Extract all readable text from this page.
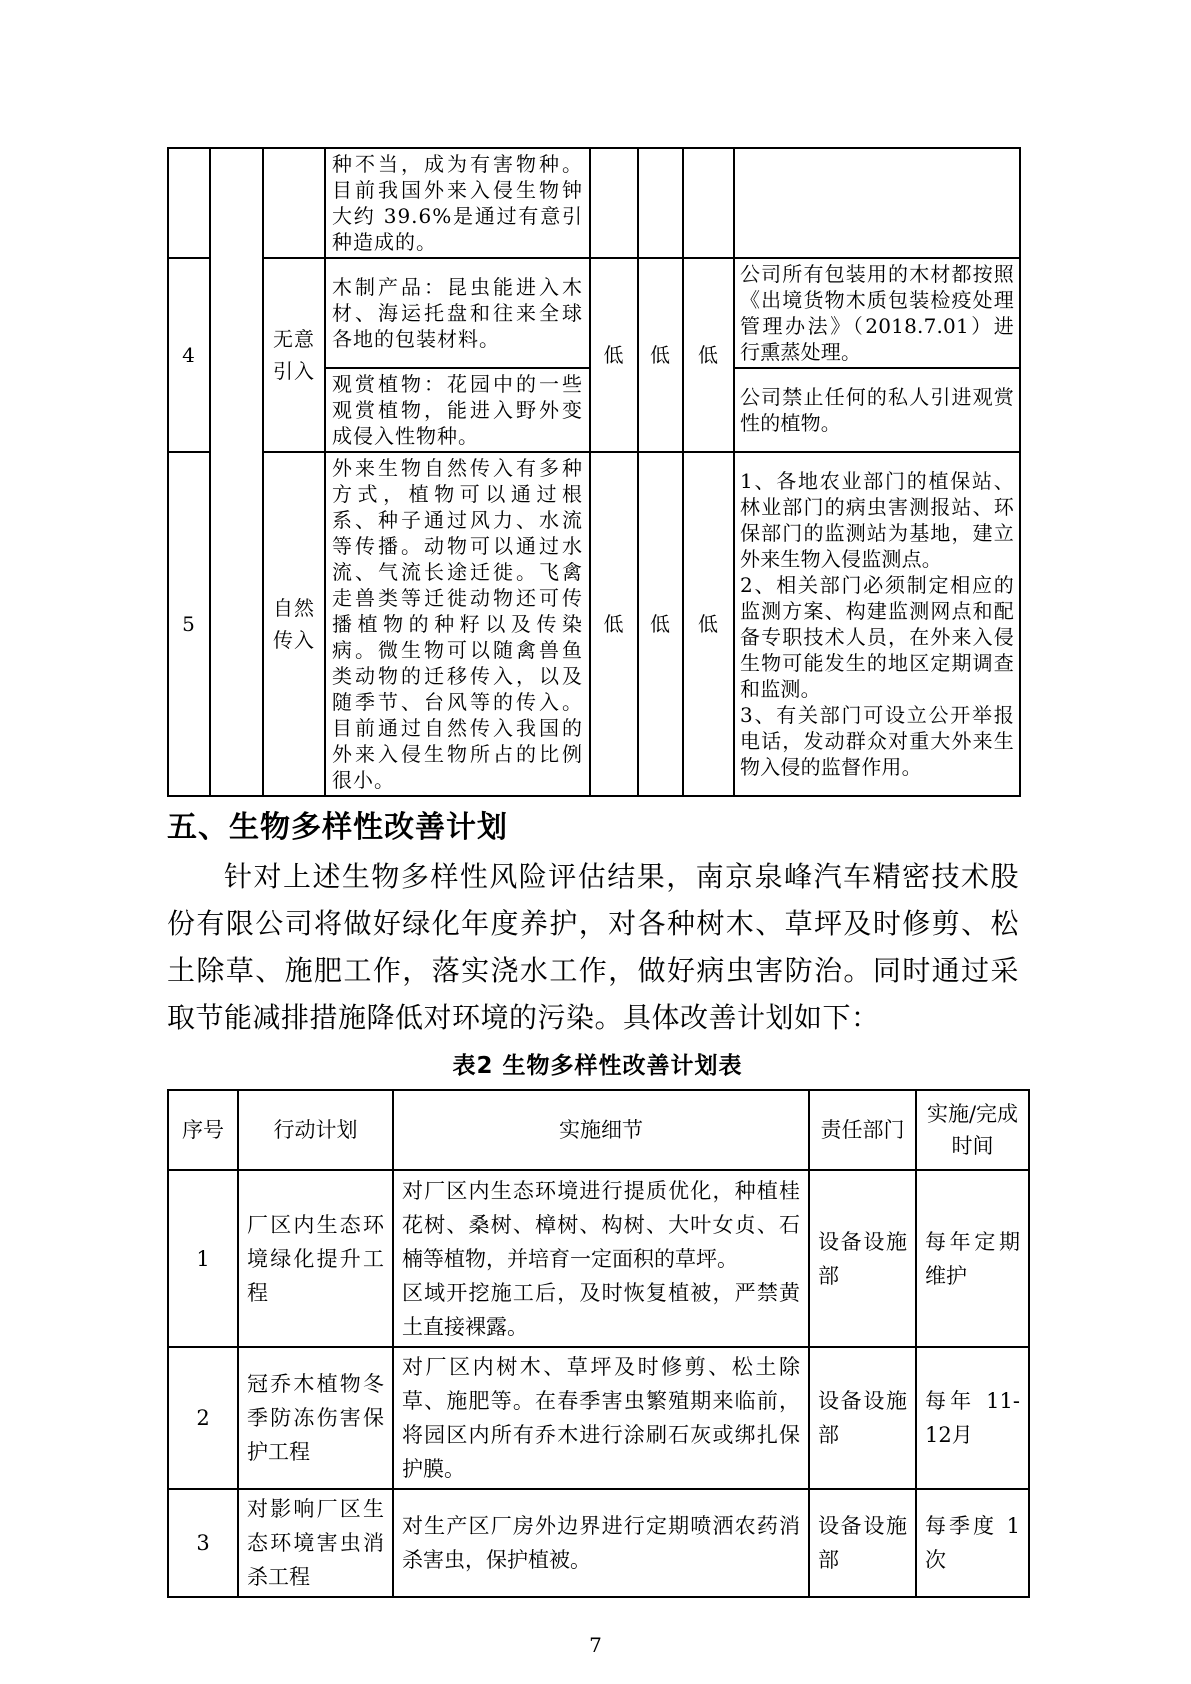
			种不当，成为有害物种。目前我国外来入侵生物钟大约 39.6%是通过有意引种造成的。				
4		无意引入	木制产品：昆虫能进入木材、海运托盘和往来全球各地的包装材料。	低	低	低	公司所有包装用的木材都按照《出境货物木质包装检疫处理管理办法》（2018.7.01）进行熏蒸处理。
			观赏植物：花园中的一些观赏植物，能进入野外变成侵入性物种。				公司禁止任何的私人引进观赏性的植物。
5		自然传入	外来生物自然传入有多种方式，植物可以通过根系、种子通过风力、水流等传播。动物可以通过水流、气流长途迁徙。飞禽走兽类等迁徙动物还可传播植物的种籽以及传染病。微生物可以随禽兽鱼类动物的迁移传入，以及随季节、台风等的传入。目前通过自然传入我国的外来入侵生物所占的比例很小。	低	低	低	1、各地农业部门的植保站、林业部门的病虫害测报站、环保部门的监测站为基地，建立外来生物入侵监测点。
2、相关部门必须制定相应的监测方案、构建监测网点和配备专职技术人员，在外来入侵生物可能发生的地区定期调查和监测。
3、有关部门可设立公开举报电话，发动群众对重大外来生物入侵的监督作用。
五、生物多样性改善计划
针对上述生物多样性风险评估结果，南京泉峰汽车精密技术股份有限公司将做好绿化年度养护，对各种树木、草坪及时修剪、松土除草、施肥工作，落实浇水工作，做好病虫害防治。同时通过采取节能减排措施降低对环境的污染。具体改善计划如下：
表2 生物多样性改善计划表
序号	行动计划	实施细节	责任部门	实施/完成时间
1	厂区内生态环境绿化提升工程	对厂区内生态环境进行提质优化，种植桂花树、桑树、樟树、构树、大叶女贞、石楠等植物，并培育一定面积的草坪。
区域开挖施工后，及时恢复植被，严禁黄土直接裸露。	设备设施部	每年定期维护
2	冠乔木植物冬季防冻伤害保护工程	对厂区内树木、草坪及时修剪、松土除草、施肥等。在春季害虫繁殖期来临前，将园区内所有乔木进行涂刷石灰或绑扎保护膜。	设备设施部	每年 11-12月
3	对影响厂区生态环境害虫消杀工程	对生产区厂房外边界进行定期喷洒农药消杀害虫，保护植被。	设备设施部	每季度 1次
7
